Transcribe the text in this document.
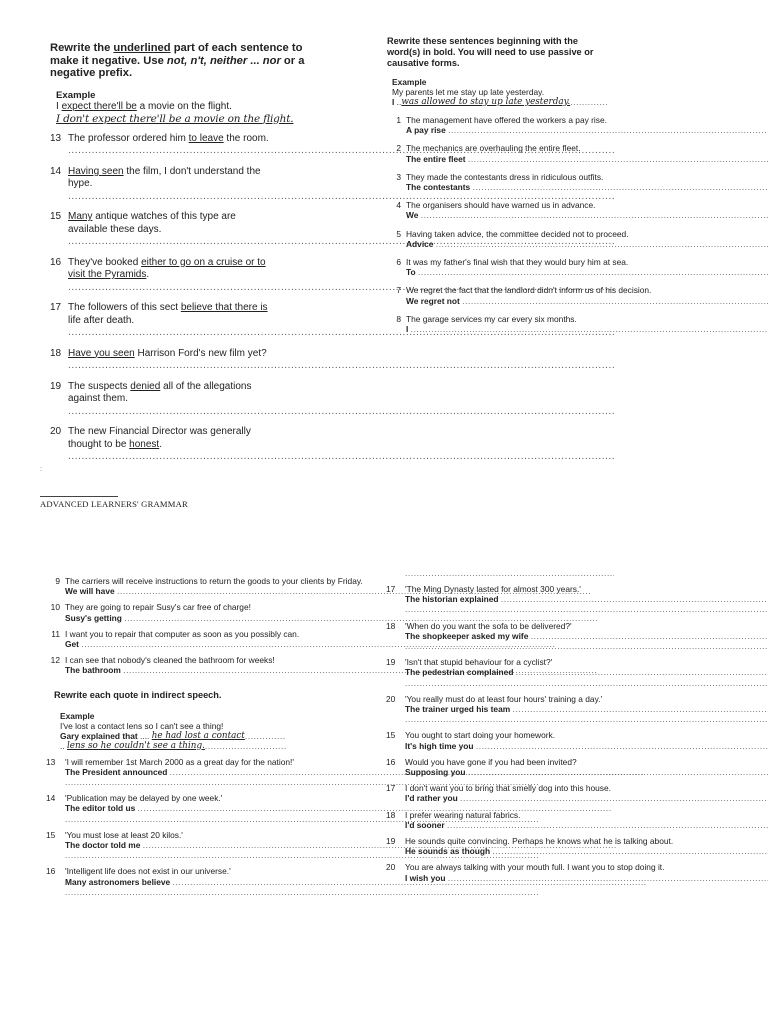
Rewrite the underlined part of each sentence to make it negative. Use not, n't, neither ... nor or a negative prefix.
Example
I expect there'll be a movie on the flight.
I don't expect there'll be a movie on the flight.
13 The professor ordered him to leave the room.
.....
14 Having seen the film, I don't understand the
hype.
.....
15 Many antique watches of this type are
available these days.
.....
16 They've booked either to go on a cruise or to
visit the Pyramids.
.....
17 The followers of this sect believe that there is
life after death.
.....
18 Have you seen Harrison Ford's new film yet?
.....
19 The suspects denied all of the allegations
against them.
.....
20 The new Financial Director was generally
thought to be honest.
.....
Rewrite these sentences beginning with the word(s) in bold. You will need to use passive or causative forms.
Example
My parents let me stay up late yesterday.
I .. was allowed to stay up late yesterday.
.....
1 The management have offered the workers a pay rise.
A pay rise

.....
2 The mechanics are overhauling the entire fleet.
The entire fleet

.....
3 They made the contestants dress in ridiculous outfits.
The contestants

.....
4 The organisers should have warned us in advance.
We

.....
5 Having taken advice, the committee decided not to proceed.
Advice

.....
6 It was my father's final wish that they would bury him at sea.
To

.....
7 We regret the fact that the landlord didn't inform us of his decision.
We regret not

.....
8 The garage services my car every six months.
I

.....
ADVANCED LEARNERS' GRAMMAR
:
9 The carriers will receive instructions to return the goods to your clients by Friday.
We will have

.....
10 They are going to repair Susy's car free of charge!
Susy's getting

.....
11 I want you to repair that computer as soon as you possibly can.
Get

.....
12 I can see that nobody's cleaned the bathroom for weeks!
The bathroom

.....
Rewrite each quote in indirect speech.
Example
I've lost a contact lens so I can't see a thing!
Gary explained that .... he had lost a contact
.....
.. lens so he couldn't see a thing.
.....
13	'I will remember 1st March 2000 as a great day for the nation!'
The President announced

.....
.....
14	'Publication may be delayed by one week.'
The editor told us

.....
.....
15	'You must lose at least 20 kilos.'
The doctor told me

.....
.....
16	'Intelligent life does not exist in our universe.'
Many astronomers believe

.....
.....
.....
17	'The Ming Dynasty lasted for almost 300 years.'
The historian explained

.....
.....
18	'When do you want the sofa to be delivered?'
The shopkeeper asked my wife

.....
.....
19	'Isn't that stupid behaviour for a cyclist?'
The pedestrian complained

.....
.....
20	'You really must do at least four hours' training a day.'
The trainer urged his team

.....
.....
15	You ought to start doing your homework.
It's high time you

.....
16	Would you have gone if you had been invited?
Supposing you

.....
17	I don't want you to bring that smelly dog into this house.
I'd rather you

.....
18	I prefer wearing natural fabrics.
I'd sooner

.....
19	He sounds quite convincing. Perhaps he knows what he is talking about.
He sounds as though

.....
20	You are always talking with your mouth full. I want you to stop doing it.
I wish you

.....
